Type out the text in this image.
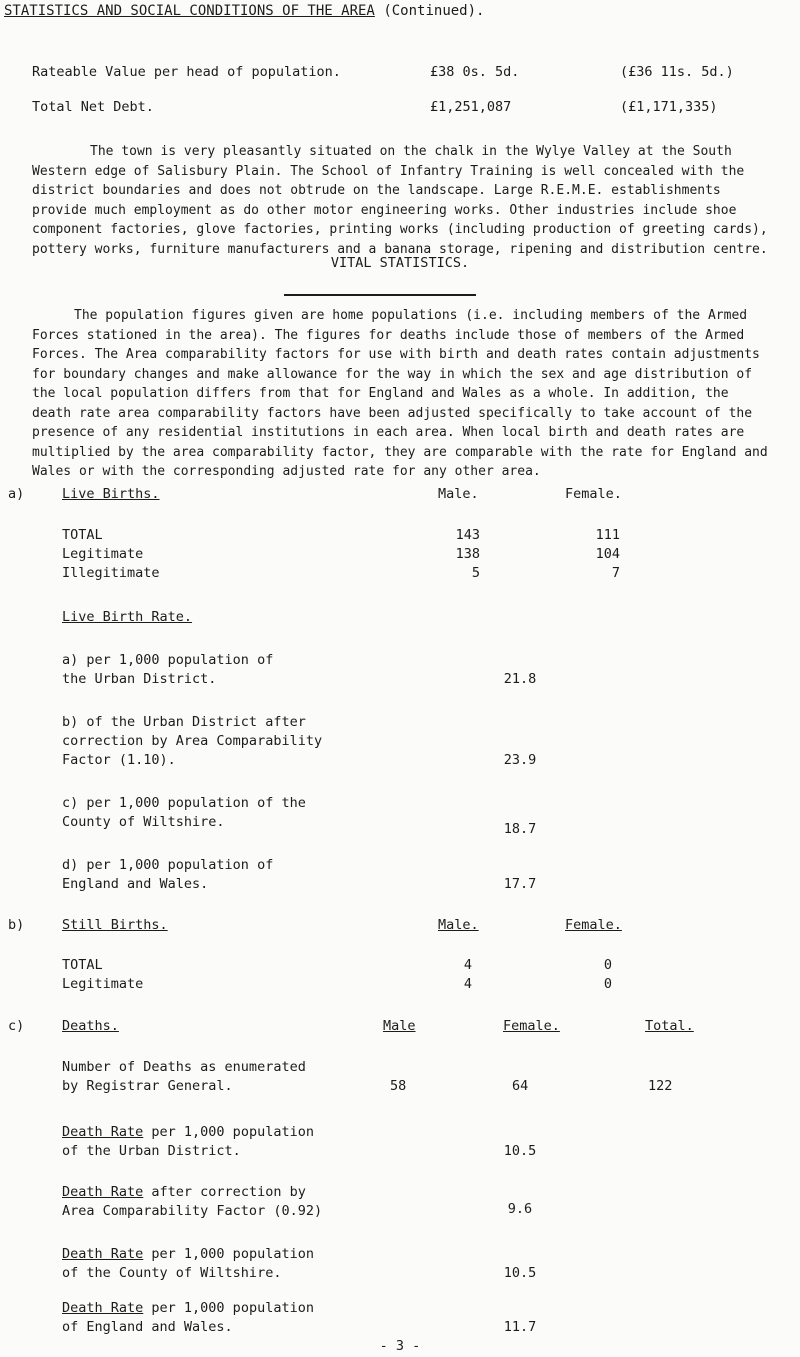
STATISTICS AND SOCIAL CONDITIONS OF THE AREA (Continued).
Rateable Value per head of population.	£38 0s. 5d.	(£36 11s. 5d.)
Total Net Debt.	£1,251,087	(£1,171,335)
The town is very pleasantly situated on the chalk in the Wylye Valley at the South Western edge of Salisbury Plain. The School of Infantry Training is well concealed with the district boundaries and does not obtrude on the landscape. Large R.E.M.E. establishments provide much employment as do other motor engineering works. Other industries include shoe component factories, glove factories, printing works (including production of greeting cards), pottery works, furniture manufacturers and a banana storage, ripening and distribution centre.
VITAL STATISTICS.
The population figures given are home populations (i.e. including members of the Armed Forces stationed in the area). The figures for deaths include those of members of the Armed Forces. The Area comparability factors for use with birth and death rates contain adjustments for boundary changes and make allowance for the way in which the sex and age distribution of the local population differs from that for England and Wales as a whole. In addition, the death rate area comparability factors have been adjusted specifically to take account of the presence of any residential institutions in each area. When local birth and death rates are multiplied by the area comparability factor, they are comparable with the rate for England and Wales or with the corresponding adjusted rate for any other area.
a)	Live Births.	Male.	Female.
TOTAL	143	111
Legitimate	138	104
Illegitimate	5	7
Live Birth Rate.
a) per 1,000 population of
the Urban District.	21.8
b) of the Urban District after
correction by Area Comparability
Factor (1.10).	23.9
c) per 1,000 population of the
County of Wiltshire.	18.7
d) per 1,000 population of
England and Wales.	17.7
b)	Still Births.	Male.	Female.
TOTAL	4	0
Legitimate	4	0
c)	Deaths.	Male	Female.	Total.
Number of Deaths as enumerated
by Registrar General.	58	64	122
Death Rate per 1,000 population
of the Urban District.	10.5
Death Rate after correction by
Area Comparability Factor (0.92)	9.6
Death Rate per 1,000 population
of the County of Wiltshire.	10.5
Death Rate per 1,000 population
of England and Wales.	11.7
- 3 -
